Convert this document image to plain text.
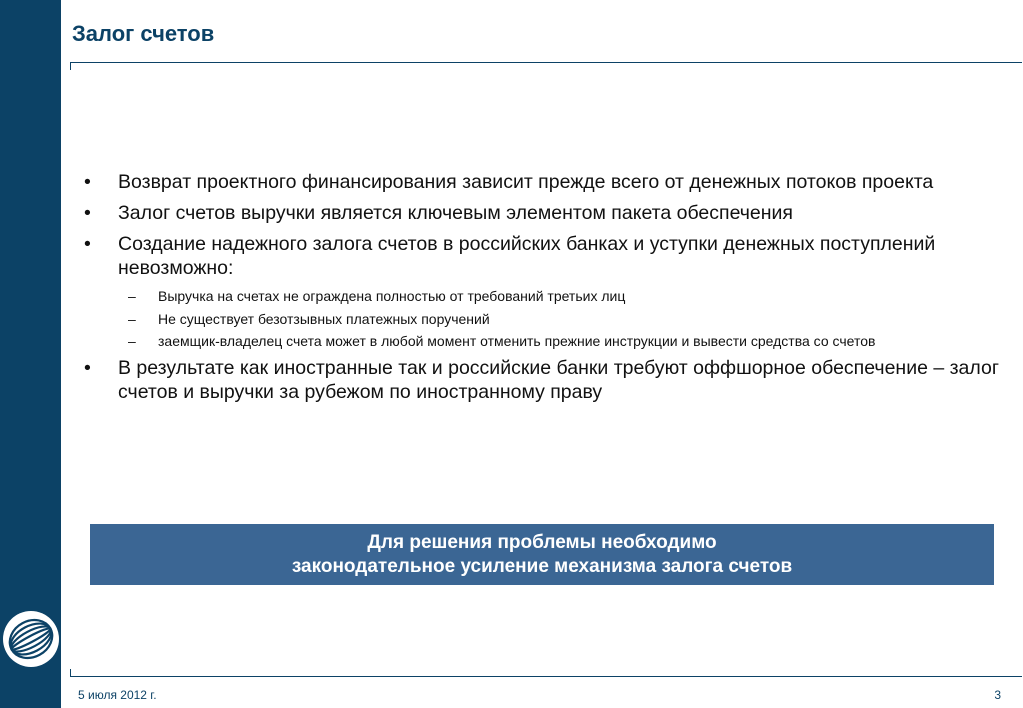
Залог счетов
• Возврат проектного финансирования зависит прежде всего от денежных потоков проекта
• Залог счетов выручки является ключевым элементом пакета обеспечения
• Создание надежного залога счетов в российских банках и уступки денежных поступлений невозможно:
– Выручка на счетах не ограждена полностью от требований третьих лиц
– Не существует безотзывных платежных поручений
– заемщик-владелец счета может в любой момент отменить прежние инструкции и вывести средства со счетов
• В результате как иностранные так и российские банки требуют оффшорное обеспечение – залог счетов и выручки за рубежом по иностранному праву
Для решения проблемы необходимо
законодательное усиление механизма залога счетов
5 июля 2012 г.	3
